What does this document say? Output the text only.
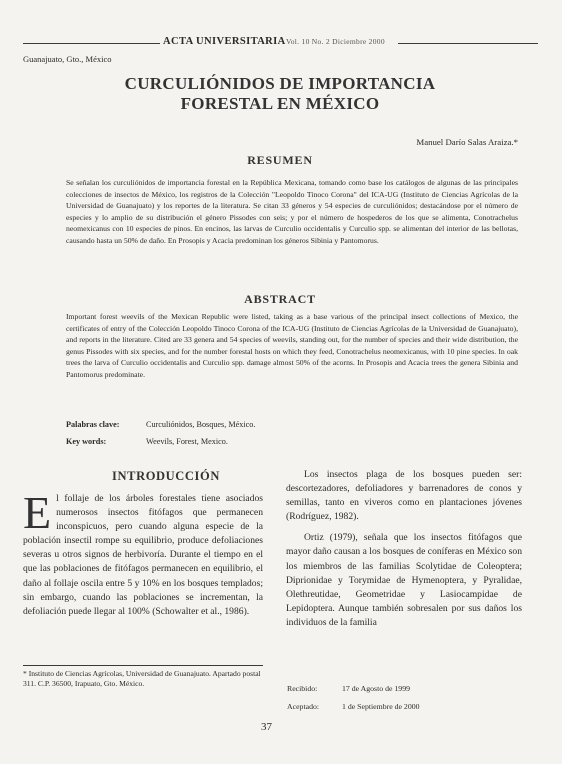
ACTA UNIVERSITARIA Vol. 10 No. 2 Diciembre 2000
Guanajuato, Gto., México
CURCULIÓNIDOS DE IMPORTANCIA
FORESTAL EN MÉXICO
Manuel Darío Salas Araiza.*
RESUMEN
Se señalan los curculiónidos de importancia forestal en la República Mexicana, tomando como base los catálogos de algunas de las principales colecciones de insectos de México, los registros de la Colección "Leopoldo Tinoco Corona" del ICA-UG (Instituto de Ciencias Agrícolas de la Universidad de Guanajuato) y los reportes de la literatura. Se citan 33 géneros y 54 especies de curculiónidos; destacándose por el número de especies y lo amplio de su distribución el género Pissodes con seis; y por el número de hospederos de los que se alimenta, Conotrachelus neomexicanus con 10 especies de pinos. En encinos, las larvas de Curculio occidentalis y Curculio spp. se alimentan del interior de las bellotas, causando hasta un 50% de daño. En Prosopis y Acacia predominan los géneros Sibinia y Pantomorus.
ABSTRACT
Important forest weevils of the Mexican Republic were listed, taking as a base various of the principal insect collections of Mexico, the certificates of entry of the Colección Leopoldo Tinoco Corona of the ICA-UG (Instituto de Ciencias Agrícolas de la Universidad de Guanajuato), and reports in the literature. Cited are 33 genera and 54 species of weevils, standing out, for the number of species and their wide distribution, the genus Pissodes with six species, and for the number forestal hosts on which they feed, Conotrachelus neomexicanus, with 10 pine species. In oak trees the larva of Curculio occidentalis and Curculio spp. damage almost 50% of the acorns. In Prosopis and Acacia trees the genera Sibinia and Pantomorus predominate.
Palabras clave:	Curculiónidos, Bosques, México.
Key words:	Weevils, Forest, Mexico.
INTRODUCCIÓN
El follaje de los árboles forestales tiene asociados numerosos insectos fitófagos que permanecen inconspicuos, pero cuando alguna especie de la población insectil rompe su equilibrio, produce defoliaciones severas u otros signos de herbivoría. Durante el tiempo en el que las poblaciones de fitófagos permanecen en equilibrio, el daño al follaje oscila entre 5 y 10% en los bosques templados; sin embargo, cuando las poblaciones se incrementan, la defoliación puede llegar al 100% (Schowalter et al., 1986).
Los insectos plaga de los bosques pueden ser: descortezadores, defoliadores y barrenadores de conos y semillas, tanto en viveros como en plantaciones jóvenes (Rodríguez, 1982).
Ortiz (1979), señala que los insectos fitófagos que mayor daño causan a los bosques de coníferas en México son los miembros de las familias Scolytidae de Coleoptera; Diprionidae y Torymidae de Hymenoptera, y Pyralidae, Olethreutidae, Geometridae y Lasiocampidae de Lepidoptera. Aunque también sobresalen por sus daños los individuos de la familia
* Instituto de Ciencias Agrícolas, Universidad de Guanajuato. Apartado postal 311. C.P. 36500, Irapuato, Gto. México.
Recibido:	17 de Agosto de 1999
Aceptado:	1 de Septiembre de 2000
37
